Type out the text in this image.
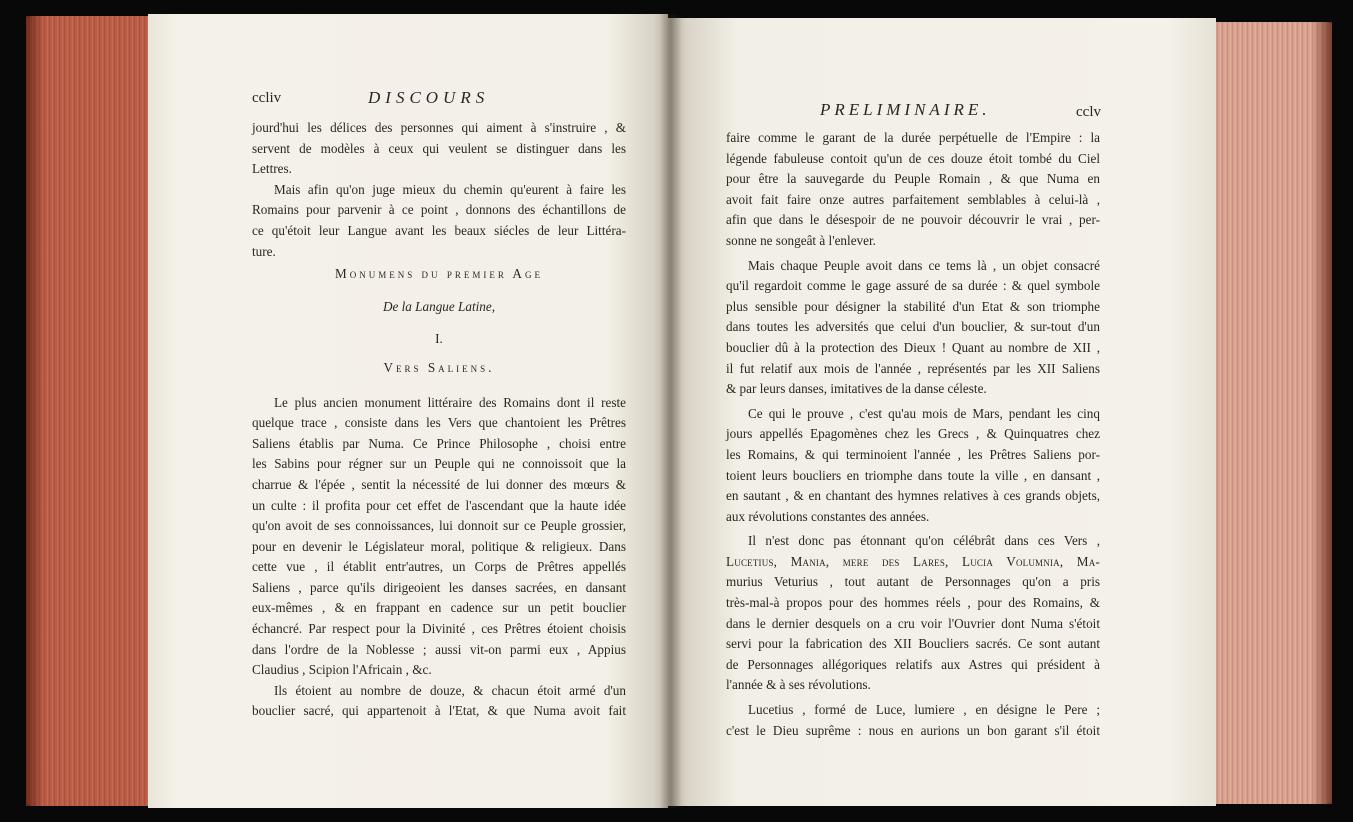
ccliv	DISCOURS

jourd'hui les délices des personnes qui aiment à s'instruire , &

servent de modèles à ceux qui veulent se distinguer dans les

Lettres.

Mais afin qu'on juge mieux du chemin qu'eurent à faire les

Romains pour parvenir à ce point , donnons des échantillons de

ce qu'étoit leur Langue avant les beaux siécles de leur Littéra-

ture.

Monumens du premier Age

De la Langue Latine,

I.

Vers Saliens.

Le plus ancien monument littéraire des Romains dont il reste

quelque trace , consiste dans les Vers que chantoient les Prêtres

Saliens établis par Numa. Ce Prince Philosophe , choisi entre

les Sabins pour régner sur un Peuple qui ne connoissoit que la

charrue & l'épée , sentit la nécessité de lui donner des mœurs &

un culte : il profita pour cet effet de l'ascendant que la haute idée

qu'on avoit de ses connoissances, lui donnoit sur ce Peuple grossier,

pour en devenir le Législateur moral, politique & religieux. Dans

cette vue , il établit entr'autres, un Corps de Prêtres appellés

Saliens , parce qu'ils dirigeoient les danses sacrées, en dansant

eux-mêmes , & en frappant en cadence sur un petit bouclier

échancré. Par respect pour la Divinité , ces Prêtres étoient choisis

dans l'ordre de la Noblesse ; aussi vit-on parmi eux , Appius

Claudius , Scipion l'Africain , &c.

Ils étoient au nombre de douze, & chacun étoit armé d'un

bouclier sacré, qui appartenoit à l'Etat, & que Numa avoit fait

PRELIMINAIRE.	cclv

faire comme le garant de la durée perpétuelle de l'Empire : la

légende fabuleuse contoit qu'un de ces douze étoit tombé du Ciel

pour être la sauvegarde du Peuple Romain , & que Numa en

avoit fait faire onze autres parfaitement semblables à celui-là ,

afin que dans le désespoir de ne pouvoir découvrir le vrai , per-

sonne ne songeât à l'enlever.

Mais chaque Peuple avoit dans ce tems là , un objet consacré

qu'il regardoit comme le gage assuré de sa durée : & quel symbole

plus sensible pour désigner la stabilité d'un Etat & son triomphe

dans toutes les adversités que celui d'un bouclier, & sur-tout d'un

bouclier dû à la protection des Dieux ! Quant au nombre de XII ,

il fut relatif aux mois de l'année , représentés par les XII Saliens

& par leurs danses, imitatives de la danse céleste.

Ce qui le prouve , c'est qu'au mois de Mars, pendant les cinq

jours appellés Epagomènes chez les Grecs , & Quinquatres chez

les Romains, & qui terminoient l'année , les Prêtres Saliens por-

toient leurs boucliers en triomphe dans toute la ville , en dansant ,

en sautant , & en chantant des hymnes relatives à ces grands objets,

aux révolutions constantes des années.

Il n'est donc pas étonnant qu'on célébrât dans ces Vers ,

Lucetius, Mania, mere des Lares, Lucia Volumnia, Ma-

murius Veturius , tout autant de Personnages qu'on a pris

très-mal-à propos pour des hommes réels , pour des Romains, &

dans le dernier desquels on a cru voir l'Ouvrier dont Numa s'étoit

servi pour la fabrication des XII Boucliers sacrés. Ce sont autant

de Personnages allégoriques relatifs aux Astres qui président à

l'année & à ses révolutions.

Lucetius , formé de Luce, lumiere , en désigne le Pere ;

c'est le Dieu suprême : nous en aurions un bon garant s'il étoit
